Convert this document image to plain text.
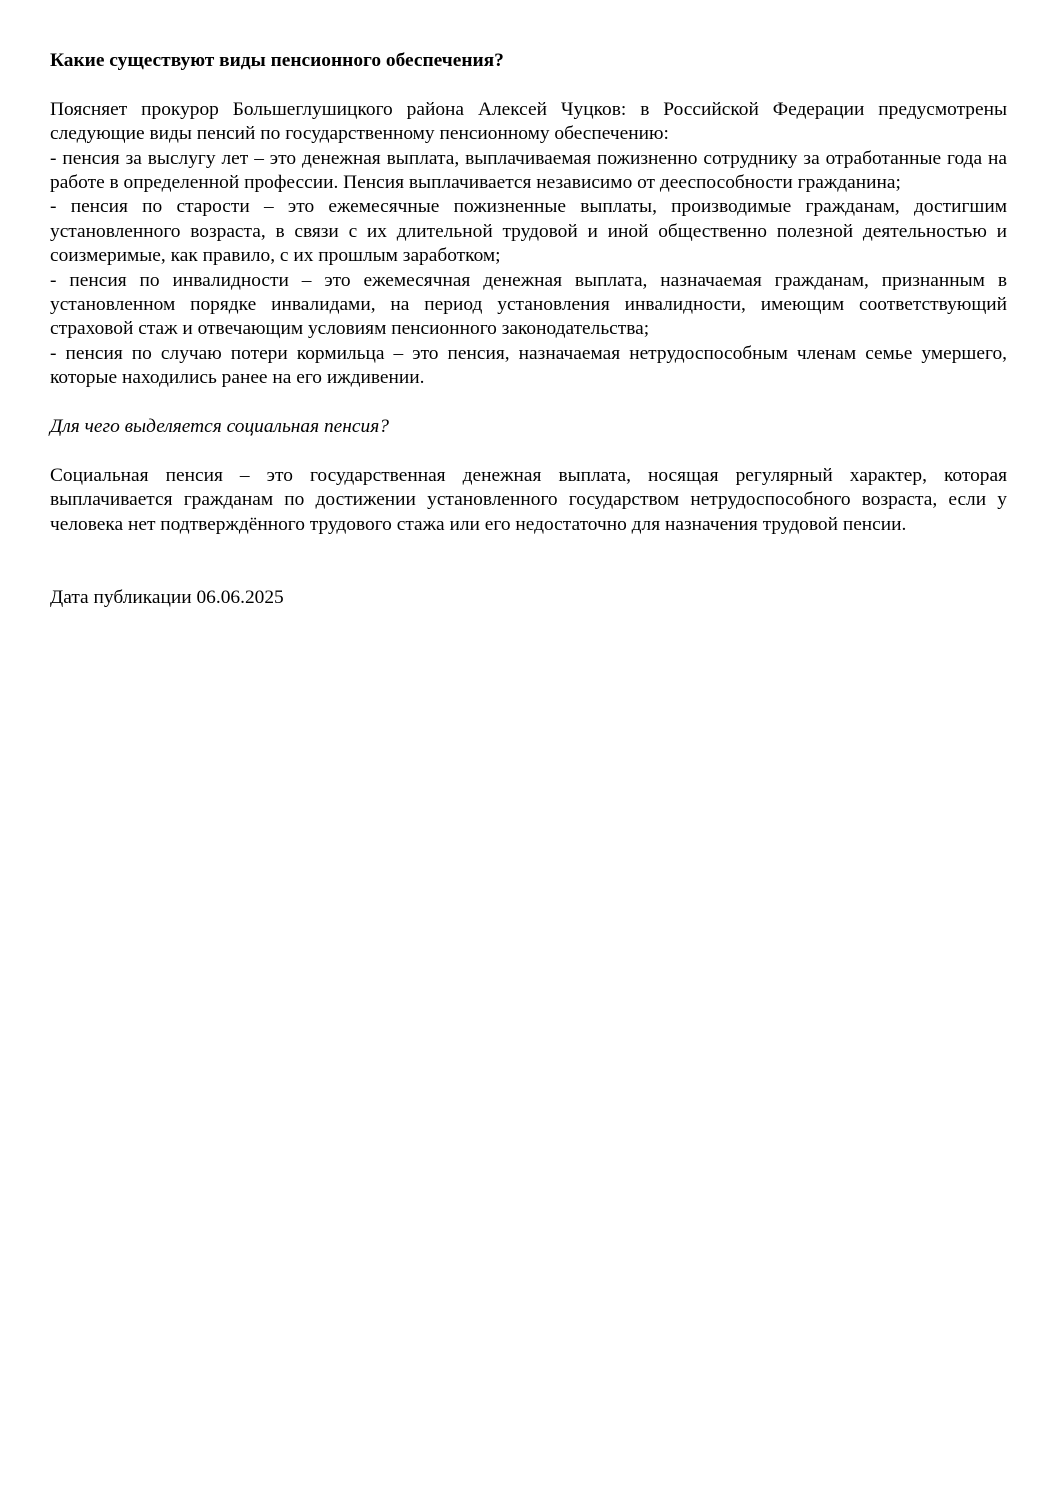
Какие существуют виды пенсионного обеспечения?

Поясняет прокурор Большеглушицкого района Алексей Чуцков: в Российской Федерации предусмотрены следующие виды пенсий по государственному пенсионному обеспечению:

- пенсия за выслугу лет – это денежная выплата, выплачиваемая пожизненно сотруднику за отработанные года на работе в определенной профессии. Пенсия выплачивается независимо от дееспособности гражданина;

- пенсия по старости – это ежемесячные пожизненные выплаты, производимые гражданам, достигшим установленного возраста, в связи с их длительной трудовой и иной общественно полезной деятельностью и соизмеримые, как правило, с их прошлым заработком;

- пенсия по инвалидности – это ежемесячная денежная выплата, назначаемая гражданам, признанным в установленном порядке инвалидами, на период установления инвалидности, имеющим соответствующий страховой стаж и отвечающим условиям пенсионного законодательства;

- пенсия по случаю потери кормильца – это пенсия, назначаемая нетрудоспособным членам семье умершего, которые находились ранее на его иждивении.

Для чего выделяется социальная пенсия?

Социальная пенсия – это государственная денежная выплата, носящая регулярный характер, которая выплачивается гражданам по достижении установленного государством нетрудоспособного возраста, если у человека нет подтверждённого трудового стажа или его недостаточно для назначения трудовой пенсии.

Дата публикации 06.06.2025
